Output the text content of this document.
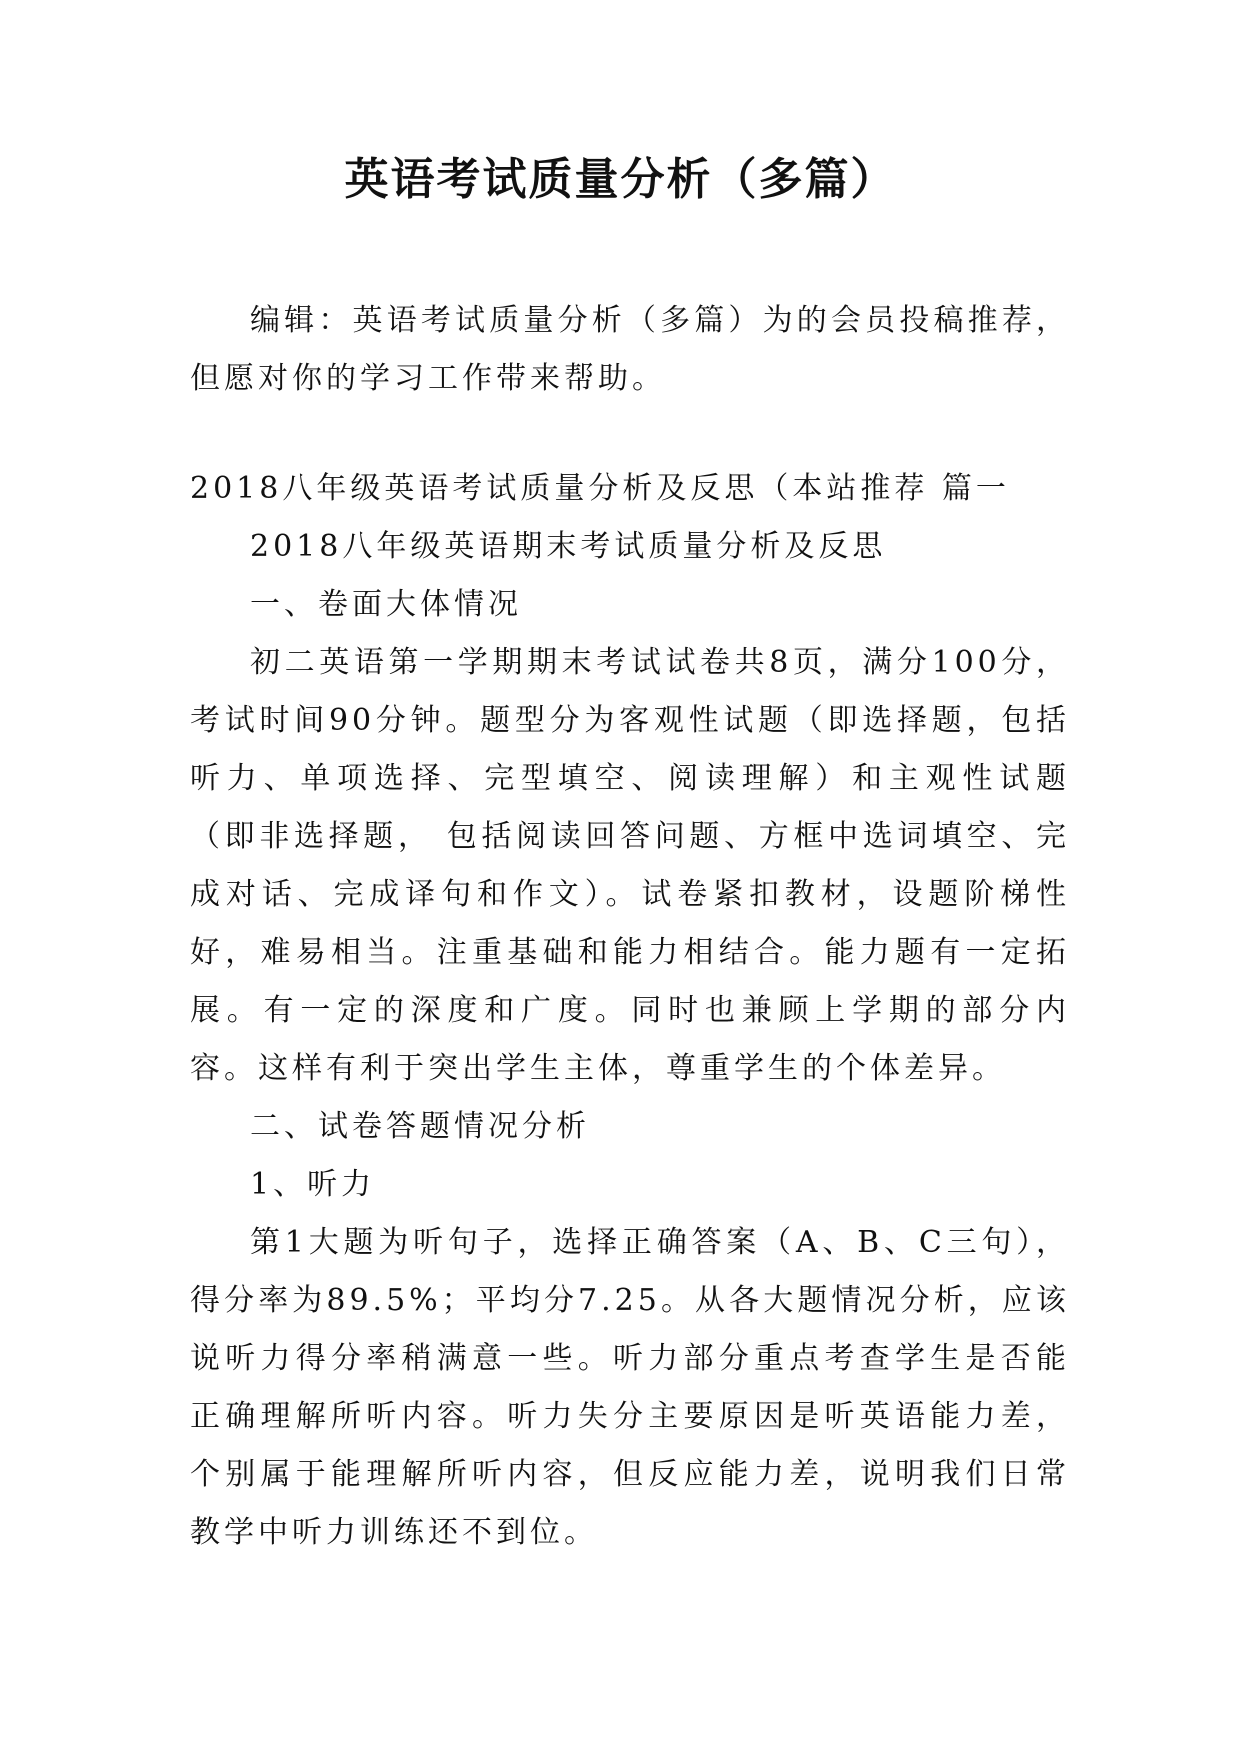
英语考试质量分析（多篇）

编辑：英语考试质量分析（多篇）为的会员投稿推荐，但愿对你的学习工作带来帮助。

2018八年级英语考试质量分析及反思（本站推荐 篇一

2018八年级英语期末考试质量分析及反思

一、卷面大体情况

初二英语第一学期期末考试试卷共8页，满分100分，考试时间90分钟。题型分为客观性试题（即选择题，包括听力、单项选择、完型填空、阅读理解）和主观性试题（即非选择题， 包括阅读回答问题、方框中选词填空、完成对话、完成译句和作文）。试卷紧扣教材，设题阶梯性好，难易相当。注重基础和能力相结合。能力题有一定拓展。有一定的深度和广度。同时也兼顾上学期的部分内容。这样有利于突出学生主体，尊重学生的个体差异。

二、试卷答题情况分析

1、听力

第1大题为听句子，选择正确答案（A、B、C三句），得分率为89.5%；平均分7.25。从各大题情况分析，应该说听力得分率稍满意一些。听力部分重点考查学生是否能正确理解所听内容。听力失分主要原因是听英语能力差，个别属于能理解所听内容，但反应能力差，说明我们日常教学中听力训练还不到位。
